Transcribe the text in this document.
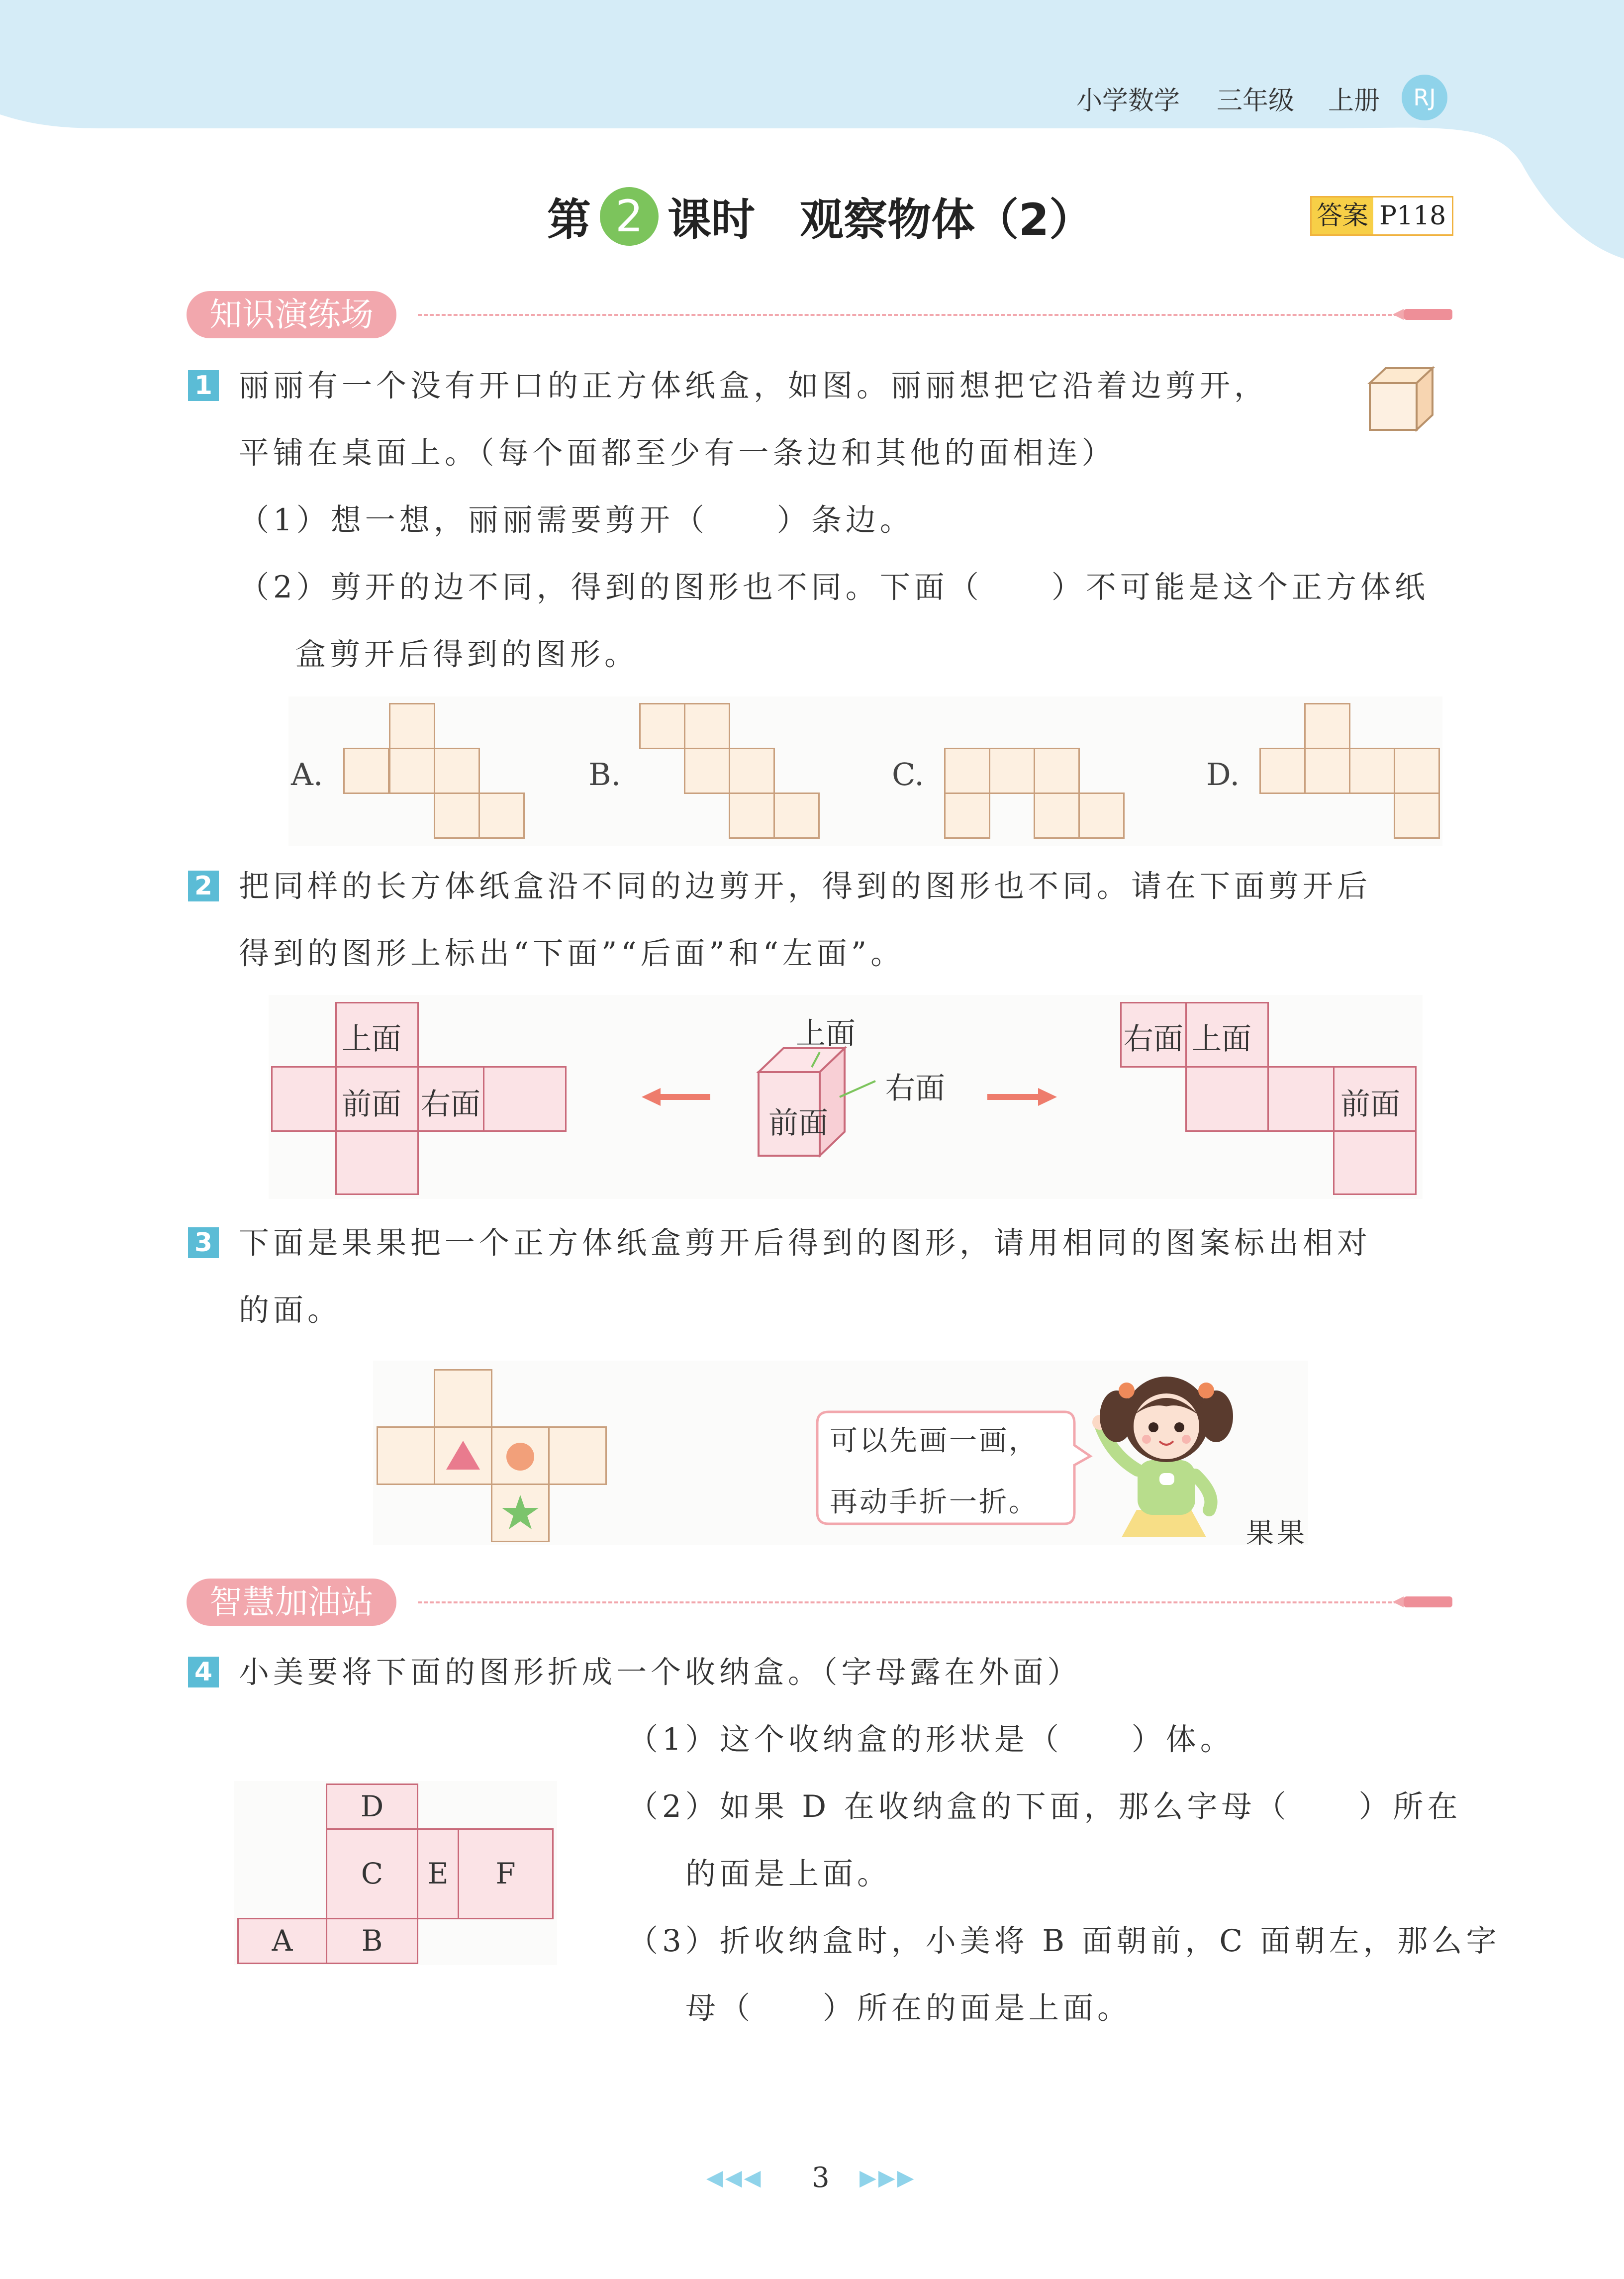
小学数学 三年级 上册	RJ
第 2 课时 观察物体（2）	答案 P118
知识演练场
1 丽丽有一个没有开口的正方体纸盒，如图。丽丽想把它沿着边剪开，
平铺在桌面上。（每个面都至少有一条边和其他的面相连）
（1）想一想，丽丽需要剪开（　　）条边。
（2）剪开的边不同，得到的图形也不同。下面（　　）不可能是这个正方体纸
盒剪开后得到的图形。
A.	B.	C.	D.
2 把同样的长方体纸盒沿不同的边剪开，得到的图形也不同。请在下面剪开后
得到的图形上标出“下面”“后面”和“左面”。
上面
前面 右面
上面
右面
前面
右面 上面
前面
3 下面是果果把一个正方体纸盒剪开后得到的图形，请用相同的图案标出相对
的面。
可以先画一画，
再动手折一折。
果果
智慧加油站
4 小美要将下面的图形折成一个收纳盒。（字母露在外面）
（1）这个收纳盒的形状是（　　）体。
（2）如果 D 在收纳盒的下面，那么字母（　　）所在
的面是上面。
（3）折收纳盒时，小美将 B 面朝前，C 面朝左，那么字
母（　　）所在的面是上面。
D
C	E	F
A	B
◀◀◀ 3 ▶▶▶
